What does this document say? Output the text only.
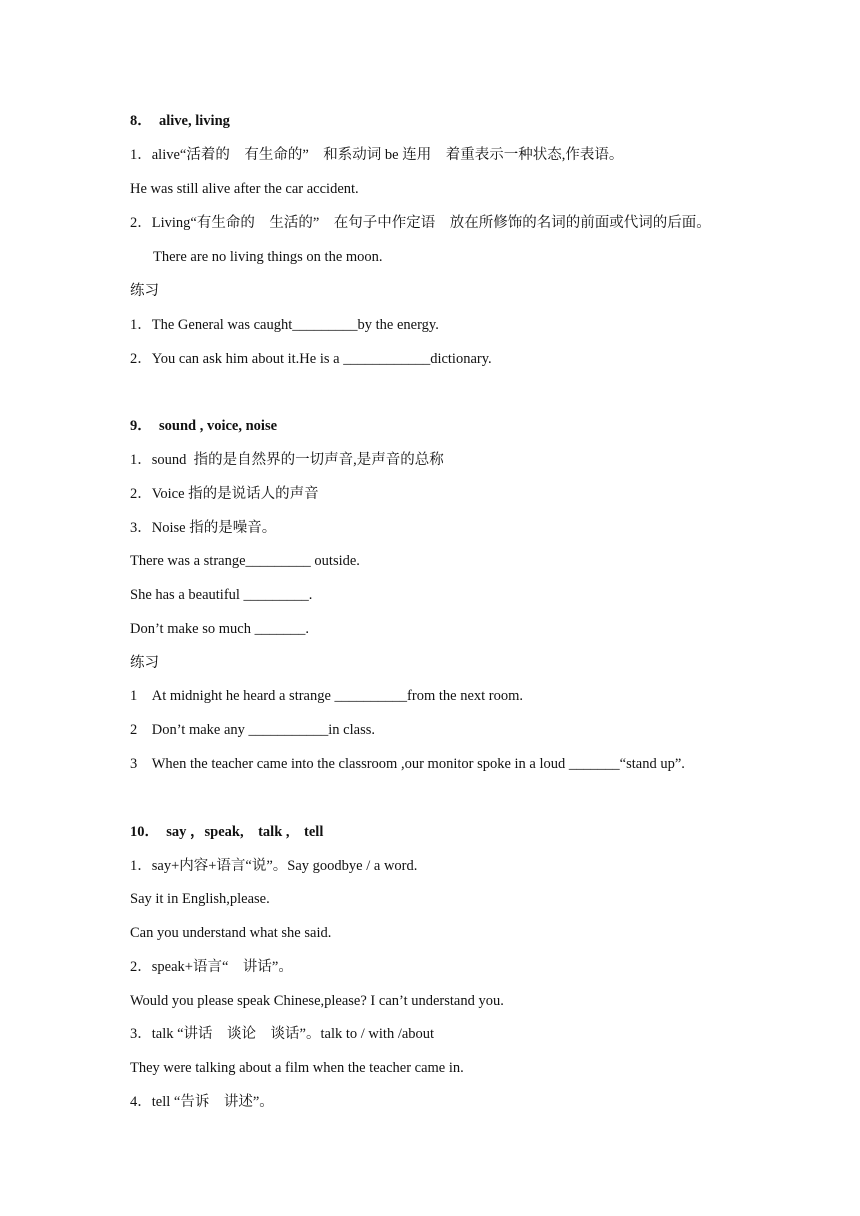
8．　alive, living
1．alive“活着的　有生命的”　和系动词 be 连用　着重表示一种状态,作表语。
He was still alive after the car accident.
2．Living“有生命的　生活的”　在句子中作定语　放在所修饰的名词的前面或代词的后面。
There are no living things on the moon.
练习
1．The General was caught_________by the energy.
2．You can ask him about it.He is a ____________dictionary.
9．　sound , voice, noise
1．sound  指的是自然界的一切声音,是声音的总称
2．Voice 指的是说话人的声音
3．Noise 指的是噪音。
There was a strange_________ outside.
She has a beautiful _________.
Don’t make so much _______.
练习
1　At midnight he heard a strange __________from the next room.
2　Don’t make any ___________in class.
3　When the teacher came into the classroom ,our monitor spoke in a loud _______“stand up”.
10．　say ，speak,　talk ,　tell
1．say+内容+语言“说”。Say goodbye / a word.
Say it in English,please.
Can you understand what she said.
2．speak+语言“　讲话”。
Would you please speak Chinese,please? I can’t understand you.
3．talk “讲话　谈论　谈话”。talk to / with /about
They were talking about a film when the teacher came in.
4．tell “告诉　讲述”。
